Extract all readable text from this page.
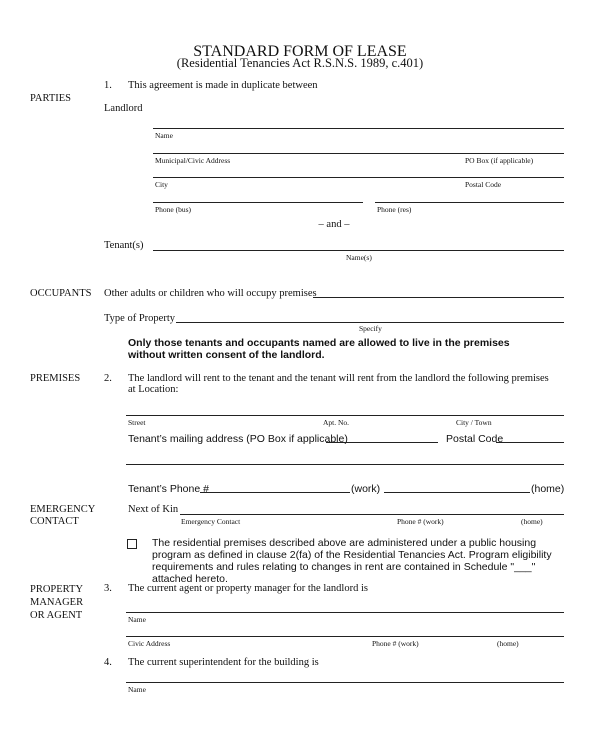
STANDARD FORM OF LEASE
(Residential Tenancies Act R.S.N.S. 1989, c.401)
PARTIES
OCCUPANTS
PREMISES
EMERGENCY CONTACT
PROPERTY MANAGER OR AGENT
1. This agreement is made in duplicate between
Landlord
Name
Municipal/Civic Address	PO Box (if applicable)
City	Postal Code
Phone (bus)	Phone (res)
– and –
Tenant(s)
Name(s)
Other adults or children who will occupy premises
Type of Property
Specify
Only those tenants and occupants named are allowed to live in the premises without written consent of the landlord.
2. The landlord will rent to the tenant and the tenant will rent from the landlord the following premises at Location:
Street	Apt. No.	City / Town
Tenant’s mailing address (PO Box if applicable)	Postal Code
Tenant’s Phone #	(work)	(home)
Next of Kin
Emergency Contact	Phone # (work)	(home)
The residential premises described above are administered under a public housing program as defined in clause 2(fa) of the Residential Tenancies Act. Program eligibility requirements and rules relating to changes in rent are contained in Schedule "___" attached hereto.
3. The current agent or property manager for the landlord is
Name
Civic Address	Phone # (work)	(home)
4. The current superintendent for the building is
Name
